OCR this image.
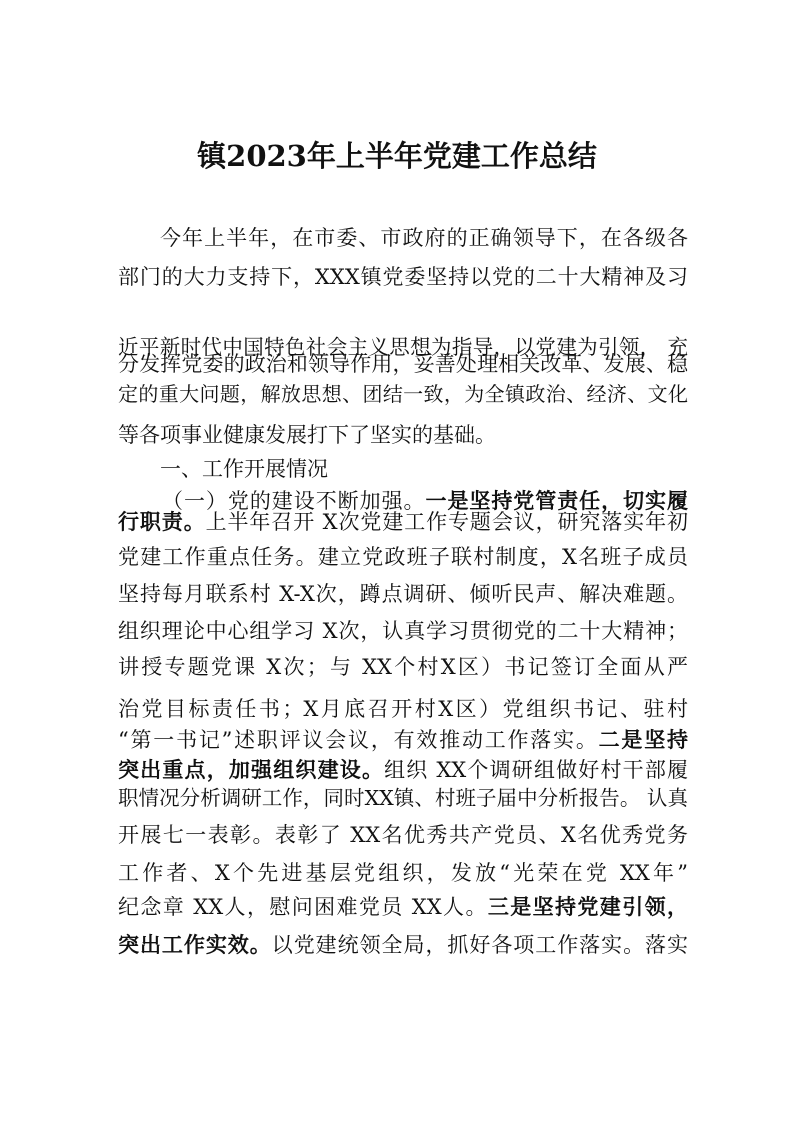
镇2023年上半年党建工作总结
今年上半年，在市委、市政府的正确领导下，在各级各
部门的大力支持下，XXX镇党委坚持以党的二十大精神及习
近平新时代中国特色社会主义思想为指导，以党建为引领， 充
分发挥党委的政治和领导作用，妥善处理相关改革、发展、稳
定的重大问题，解放思想、团结一致，为全镇政治、经济、文化
等各项事业健康发展打下了坚实的基础。
一、工作开展情况
（一）党的建设不断加强。一是坚持党管责任，切实履
行职责。上半年召开 X次党建工作专题会议，研究落实年初
党建工作重点任务。建立党政班子联村制度，X名班子成员
坚持每月联系村 X-X次，蹲点调研、倾听民声、解决难题。
组织理论中心组学习 X次，认真学习贯彻党的二十大精神；
讲授专题党课 X次；与 XX个村X区）书记签订全面从严
治党目标责任书；X月底召开村X区）党组织书记、驻村
“第一书记”述职评议会议，有效推动工作落实。二是坚持
突出重点，加强组织建设。组织 XX个调研组做好村干部履
职情况分析调研工作，同时XX镇、村班子届中分析报告。 认真
开展七一表彰。表彰了 XX名优秀共产党员、X名优秀党务
工作者、X个先进基层党组织，发放“光荣在党 XX年”
纪念章 XX人，慰问困难党员 XX人。三是坚持党建引领，
突出工作实效。以党建统领全局，抓好各项工作落实。落实
